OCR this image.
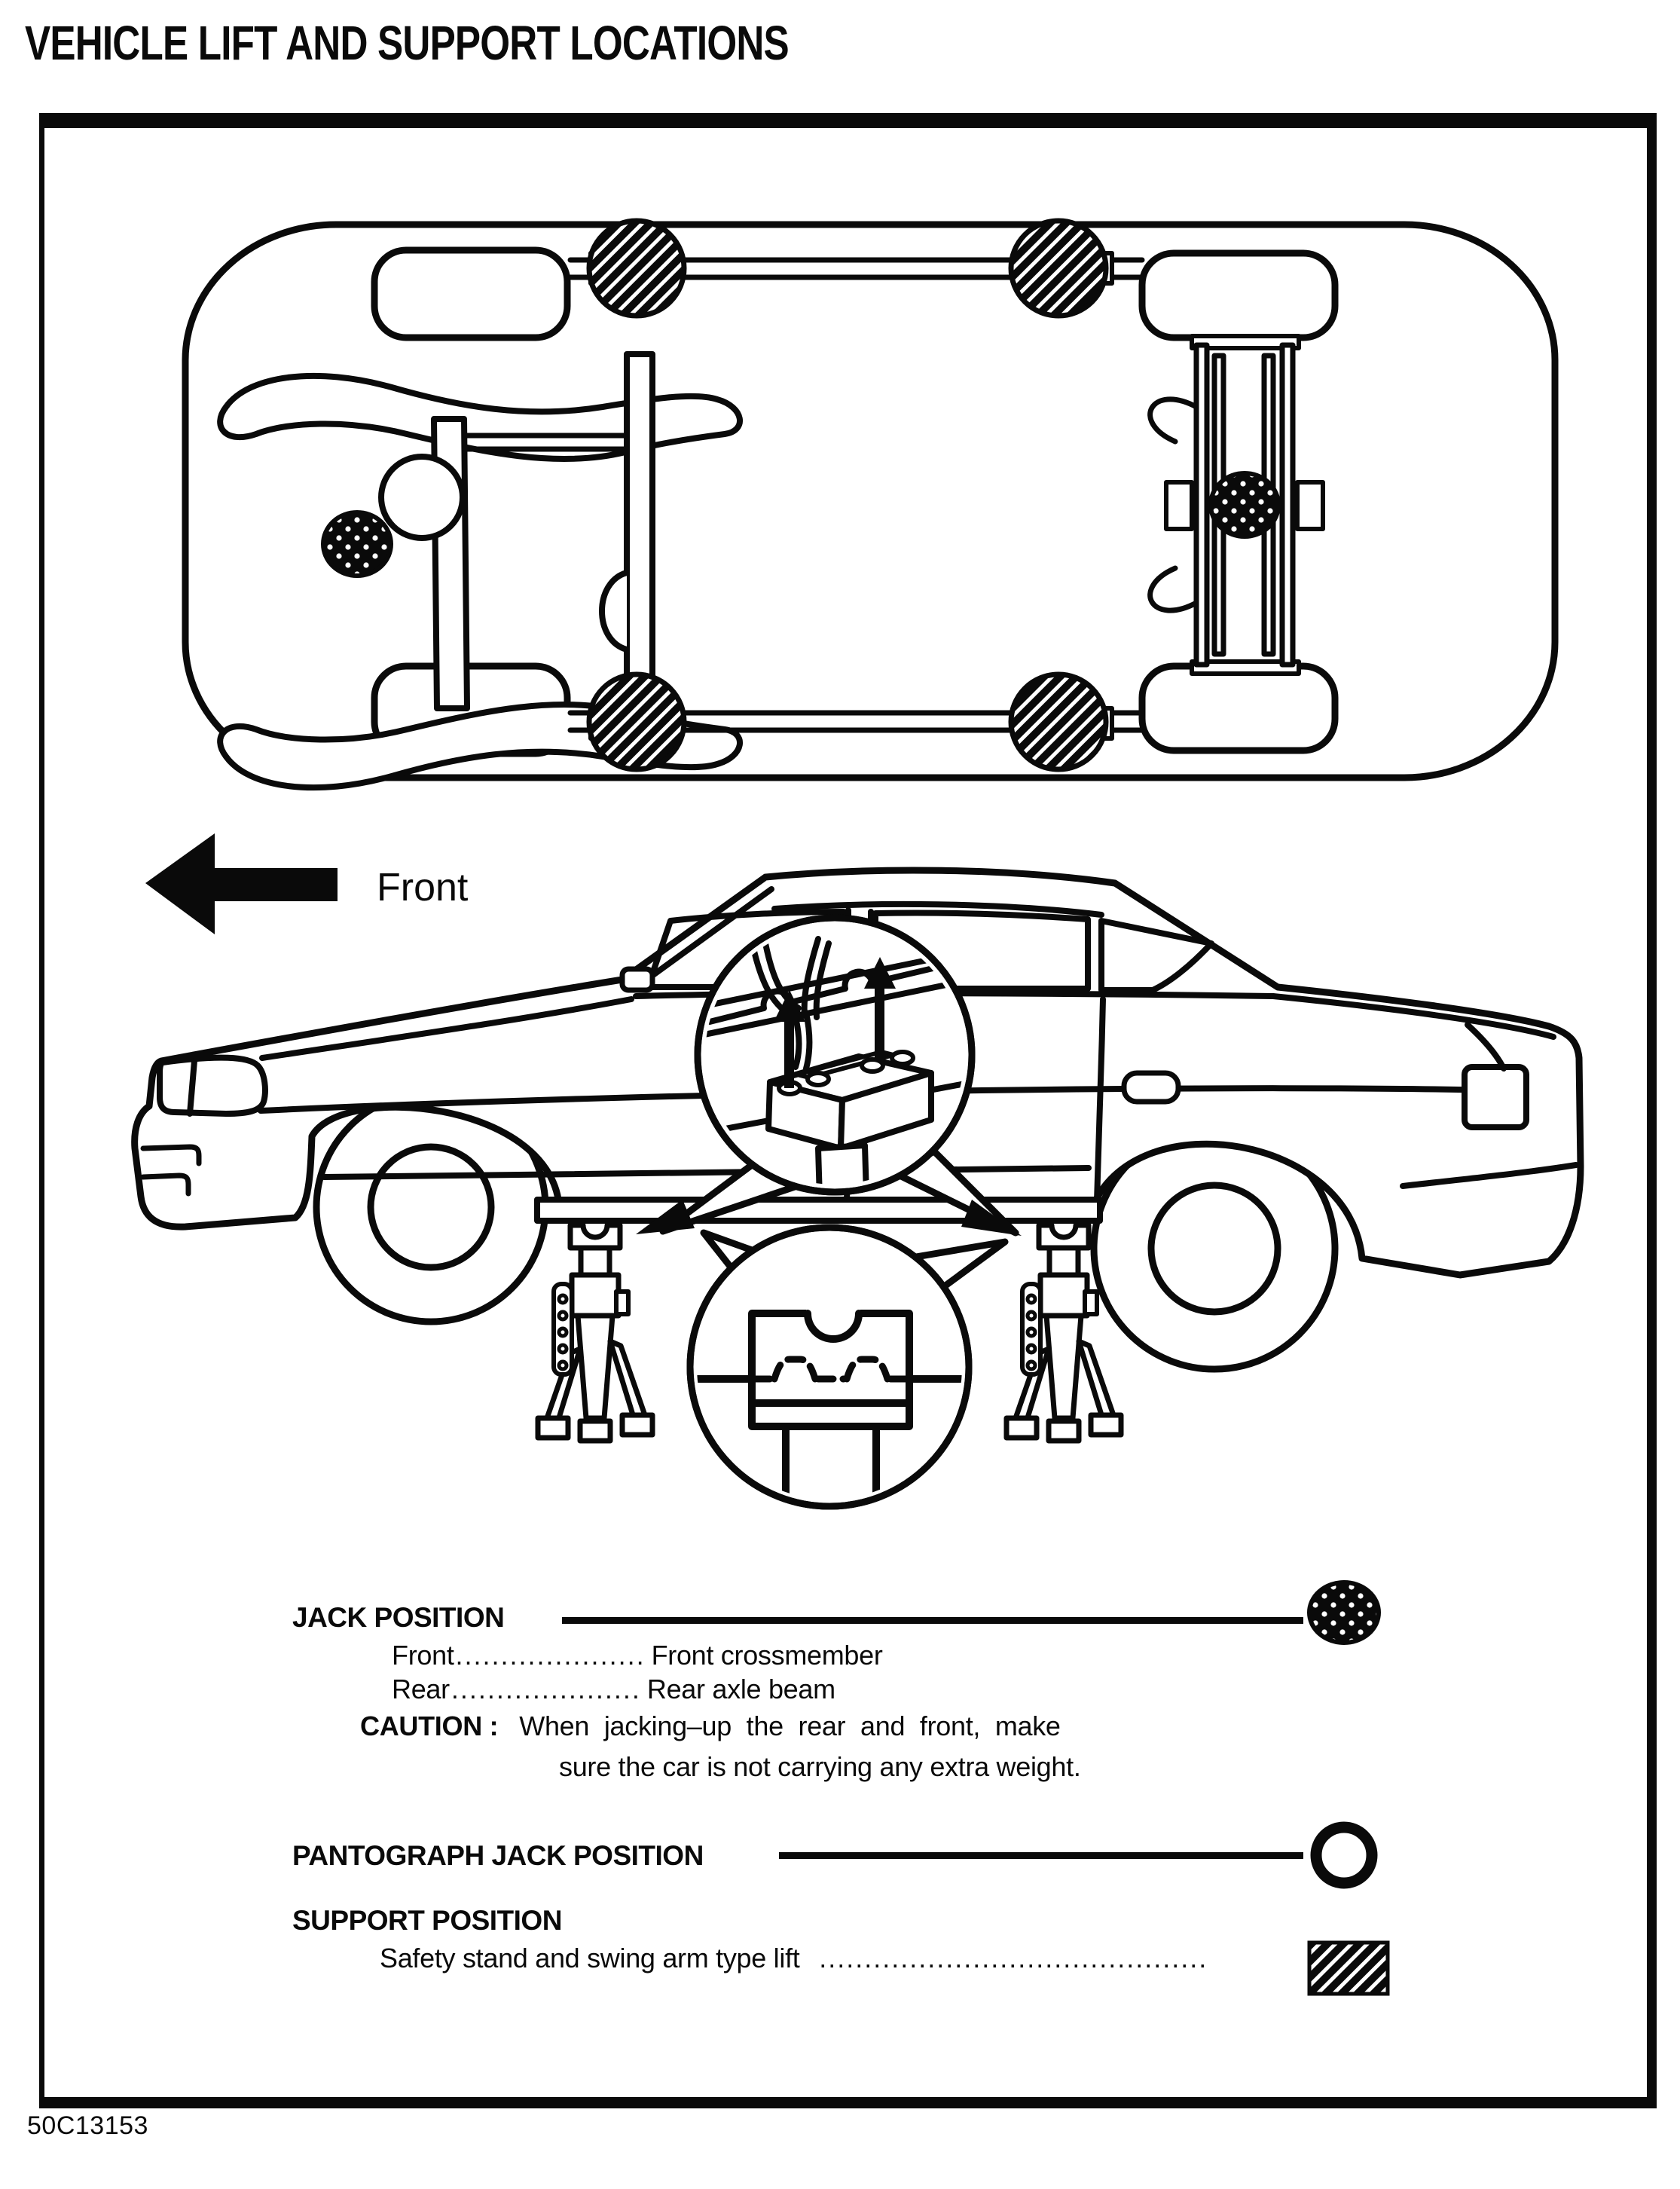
VEHICLE LIFT AND SUPPORT LOCATIONS
Front
JACK POSITION
Front..................... Front crossmember
Rear..................... Rear axle beam
CAUTION : When jacking–up the rear and front, make
sure the car is not carrying any extra weight.
PANTOGRAPH JACK POSITION
SUPPORT POSITION
Safety stand and swing arm type lift ...........................................
50C13153
